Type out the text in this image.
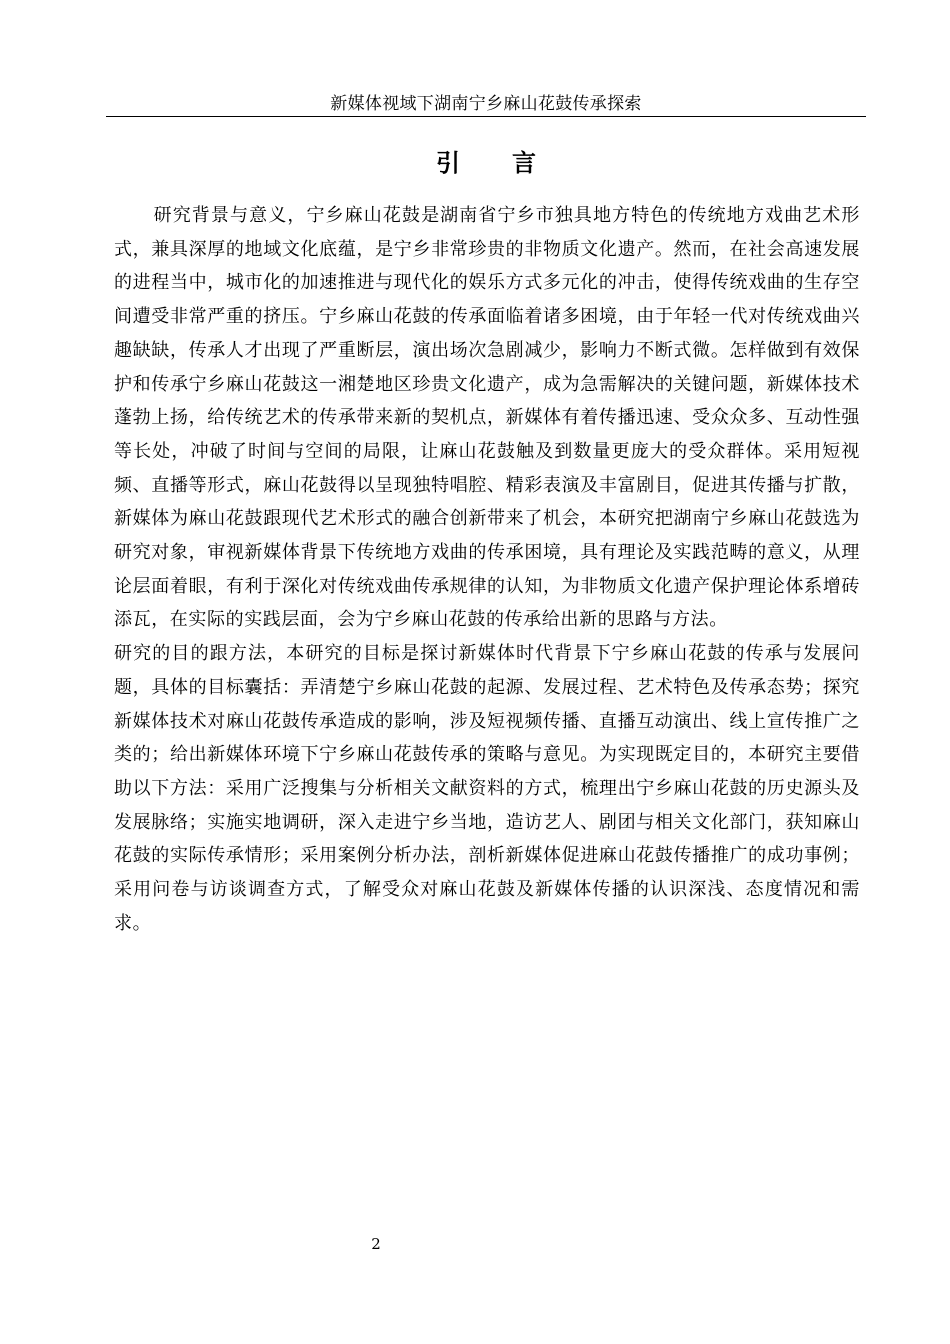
新媒体视域下湖南宁乡麻山花鼓传承探索
引 言

研究背景与意义，宁乡麻山花鼓是湖南省宁乡市独具地方特色的传统地方戏曲艺术形式，兼具深厚的地域文化底蕴，是宁乡非常珍贵的非物质文化遗产。然而，在社会高速发展的进程当中，城市化的加速推进与现代化的娱乐方式多元化的冲击，使得传统戏曲的生存空间遭受非常严重的挤压。宁乡麻山花鼓的传承面临着诸多困境，由于年轻一代对传统戏曲兴趣缺缺，传承人才出现了严重断层，演出场次急剧减少，影响力不断式微。怎样做到有效保护和传承宁乡麻山花鼓这一湘楚地区珍贵文化遗产，成为急需解决的关键问题，新媒体技术蓬勃上扬，给传统艺术的传承带来新的契机点，新媒体有着传播迅速、受众众多、互动性强等长处，冲破了时间与空间的局限，让麻山花鼓触及到数量更庞大的受众群体。采用短视频、直播等形式，麻山花鼓得以呈现独特唱腔、精彩表演及丰富剧目，促进其传播与扩散，新媒体为麻山花鼓跟现代艺术形式的融合创新带来了机会，本研究把湖南宁乡麻山花鼓选为研究对象，审视新媒体背景下传统地方戏曲的传承困境，具有理论及实践范畴的意义，从理论层面着眼，有利于深化对传统戏曲传承规律的认知，为非物质文化遗产保护理论体系增砖添瓦，在实际的实践层面，会为宁乡麻山花鼓的传承给出新的思路与方法。

研究的目的跟方法，本研究的目标是探讨新媒体时代背景下宁乡麻山花鼓的传承与发展问题，具体的目标囊括：弄清楚宁乡麻山花鼓的起源、发展过程、艺术特色及传承态势；探究新媒体技术对麻山花鼓传承造成的影响，涉及短视频传播、直播互动演出、线上宣传推广之类的；给出新媒体环境下宁乡麻山花鼓传承的策略与意见。为实现既定目的，本研究主要借助以下方法：采用广泛搜集与分析相关文献资料的方式，梳理出宁乡麻山花鼓的历史源头及发展脉络；实施实地调研，深入走进宁乡当地，造访艺人、剧团与相关文化部门，获知麻山花鼓的实际传承情形；采用案例分析办法，剖析新媒体促进麻山花鼓传播推广的成功事例；采用问卷与访谈调查方式，了解受众对麻山花鼓及新媒体传播的认识深浅、态度情况和需求。

2
